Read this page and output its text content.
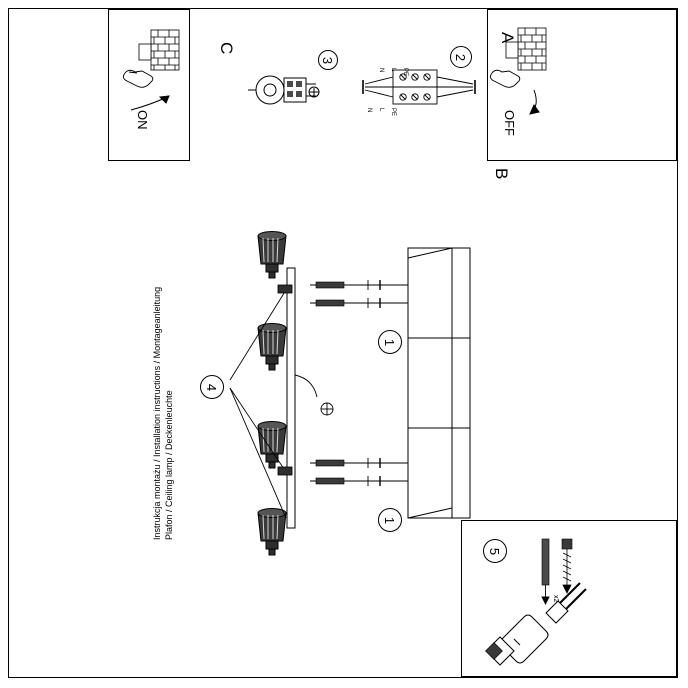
C
ON
A
OFF
B
3
N	L	PE
N	L	PE
2
4
1
1
x2
5
Instrukcja montażu / Installation instructions / Montageanleitung Plafon / Ceiling lamp / Deckenleuchte
